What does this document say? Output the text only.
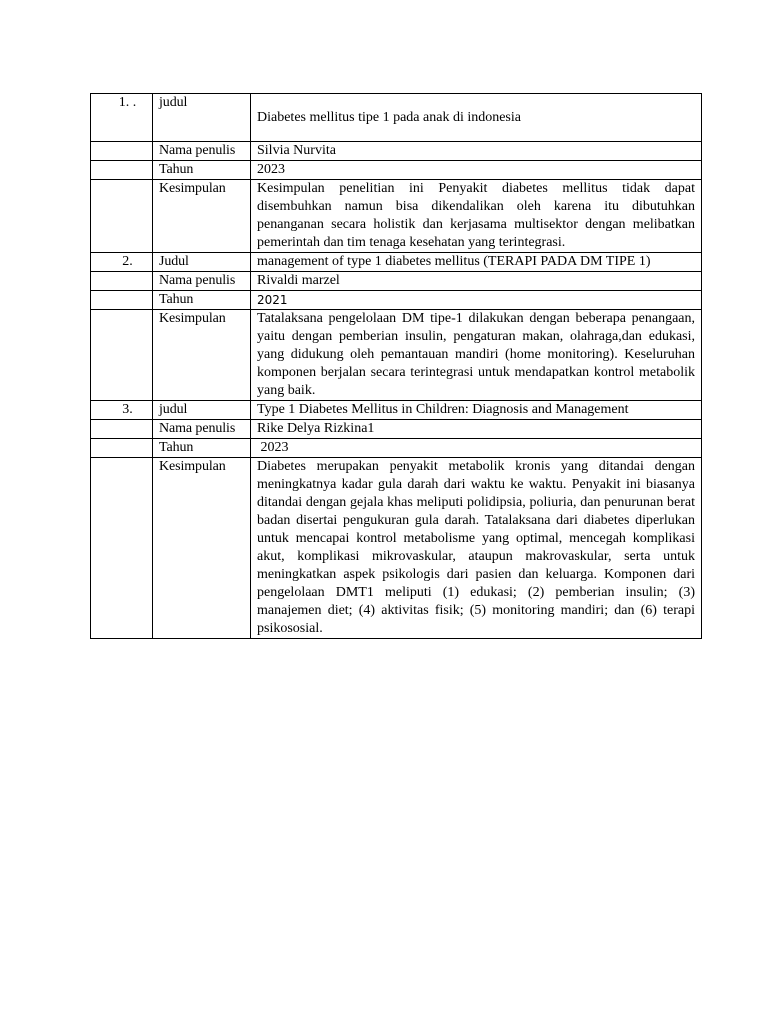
1. .	judul	Diabetes mellitus tipe 1 pada anak di indonesia
	Nama penulis	Silvia Nurvita
	Tahun	2023
	Kesimpulan	Kesimpulan penelitian ini Penyakit diabetes mellitus tidak dapat disembuhkan namun bisa dikendalikan oleh karena itu dibutuhkan penanganan secara holistik dan kerjasama multisektor dengan melibatkan pemerintah dan tim tenaga kesehatan yang terintegrasi.
2.	Judul	management of type 1 diabetes mellitus (TERAPI PADA DM TIPE 1)
	Nama penulis	Rivaldi marzel
	Tahun	2021
	Kesimpulan	Tatalaksana pengelolaan DM tipe-1 dilakukan dengan beberapa penangaan, yaitu dengan pemberian insulin, pengaturan makan, olahraga,dan edukasi, yang didukung oleh pemantauan mandiri (home monitoring). Keseluruhan komponen berjalan secara terintegrasi untuk mendapatkan kontrol metabolik yang baik.
3.	judul	Type 1 Diabetes Mellitus in Children: Diagnosis and Management
	Nama penulis	Rike Delya Rizkina1
	Tahun	2023
	Kesimpulan	Diabetes merupakan penyakit metabolik kronis yang ditandai dengan meningkatnya kadar gula darah dari waktu ke waktu. Penyakit ini biasanya ditandai dengan gejala khas meliputi polidipsia, poliuria, dan penurunan berat badan disertai pengukuran gula darah. Tatalaksana dari diabetes diperlukan untuk mencapai kontrol metabolisme yang optimal, mencegah komplikasi akut, komplikasi mikrovaskular, ataupun makrovaskular, serta untuk meningkatkan aspek psikologis dari pasien dan keluarga. Komponen dari pengelolaan DMT1 meliputi (1) edukasi; (2) pemberian insulin; (3) manajemen diet; (4) aktivitas fisik; (5) monitoring mandiri; dan (6) terapi psikososial.
